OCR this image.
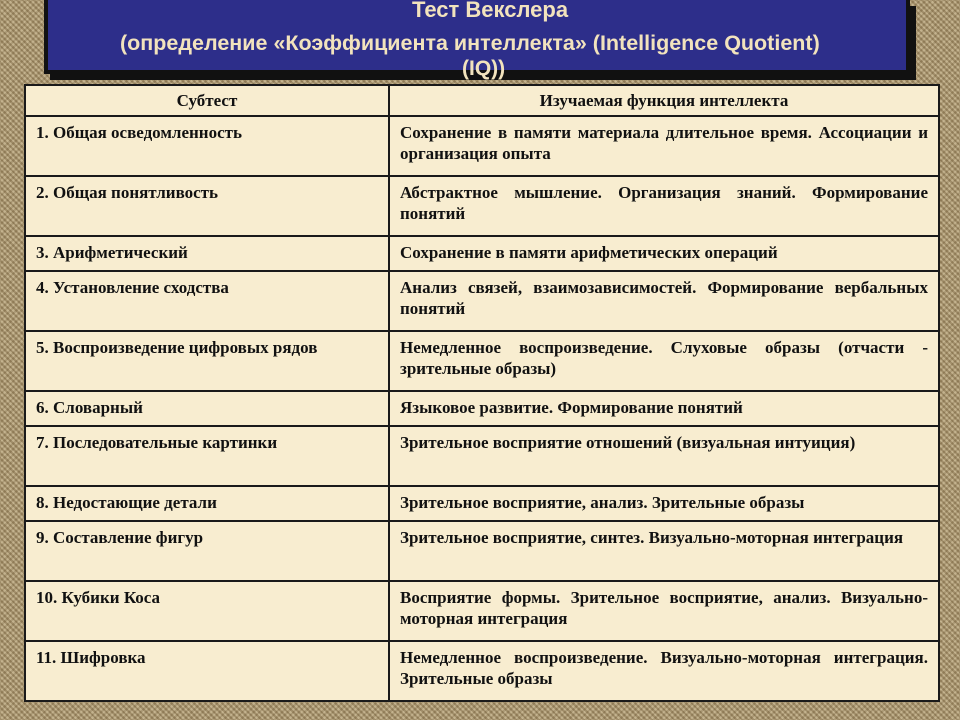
Тест Векслера
(определение «Коэффициента интеллекта» (Intelligence Quotient)
(IQ))
Субтест	Изучаемая функция интеллекта
1. Общая осведомленность	Сохранение в памяти материала длительное время. Ассоциации и организация опыта
2. Общая понятливость	Абстрактное мышление. Организация знаний. Формирование понятий
3. Арифметический	Сохранение в памяти арифметических операций
4. Установление сходства	Анализ связей, взаимозависимостей. Формирование вербальных понятий
5. Воспроизведение цифровых рядов	Немедленное воспроизведение. Слуховые образы (отчасти - зрительные образы)
6. Словарный	Языковое развитие. Формирование понятий
7. Последовательные картинки	Зрительное восприятие отношений (визуальная интуиция)
8. Недостающие детали	Зрительное восприятие, анализ. Зрительные образы
9. Составление фигур	Зрительное восприятие, синтез. Визуально-моторная интеграция
10. Кубики Коса	Восприятие формы. Зрительное восприятие, анализ. Визуально-моторная интеграция
11. Шифровка	Немедленное воспроизведение. Визуально-моторная интеграция. Зрительные образы
